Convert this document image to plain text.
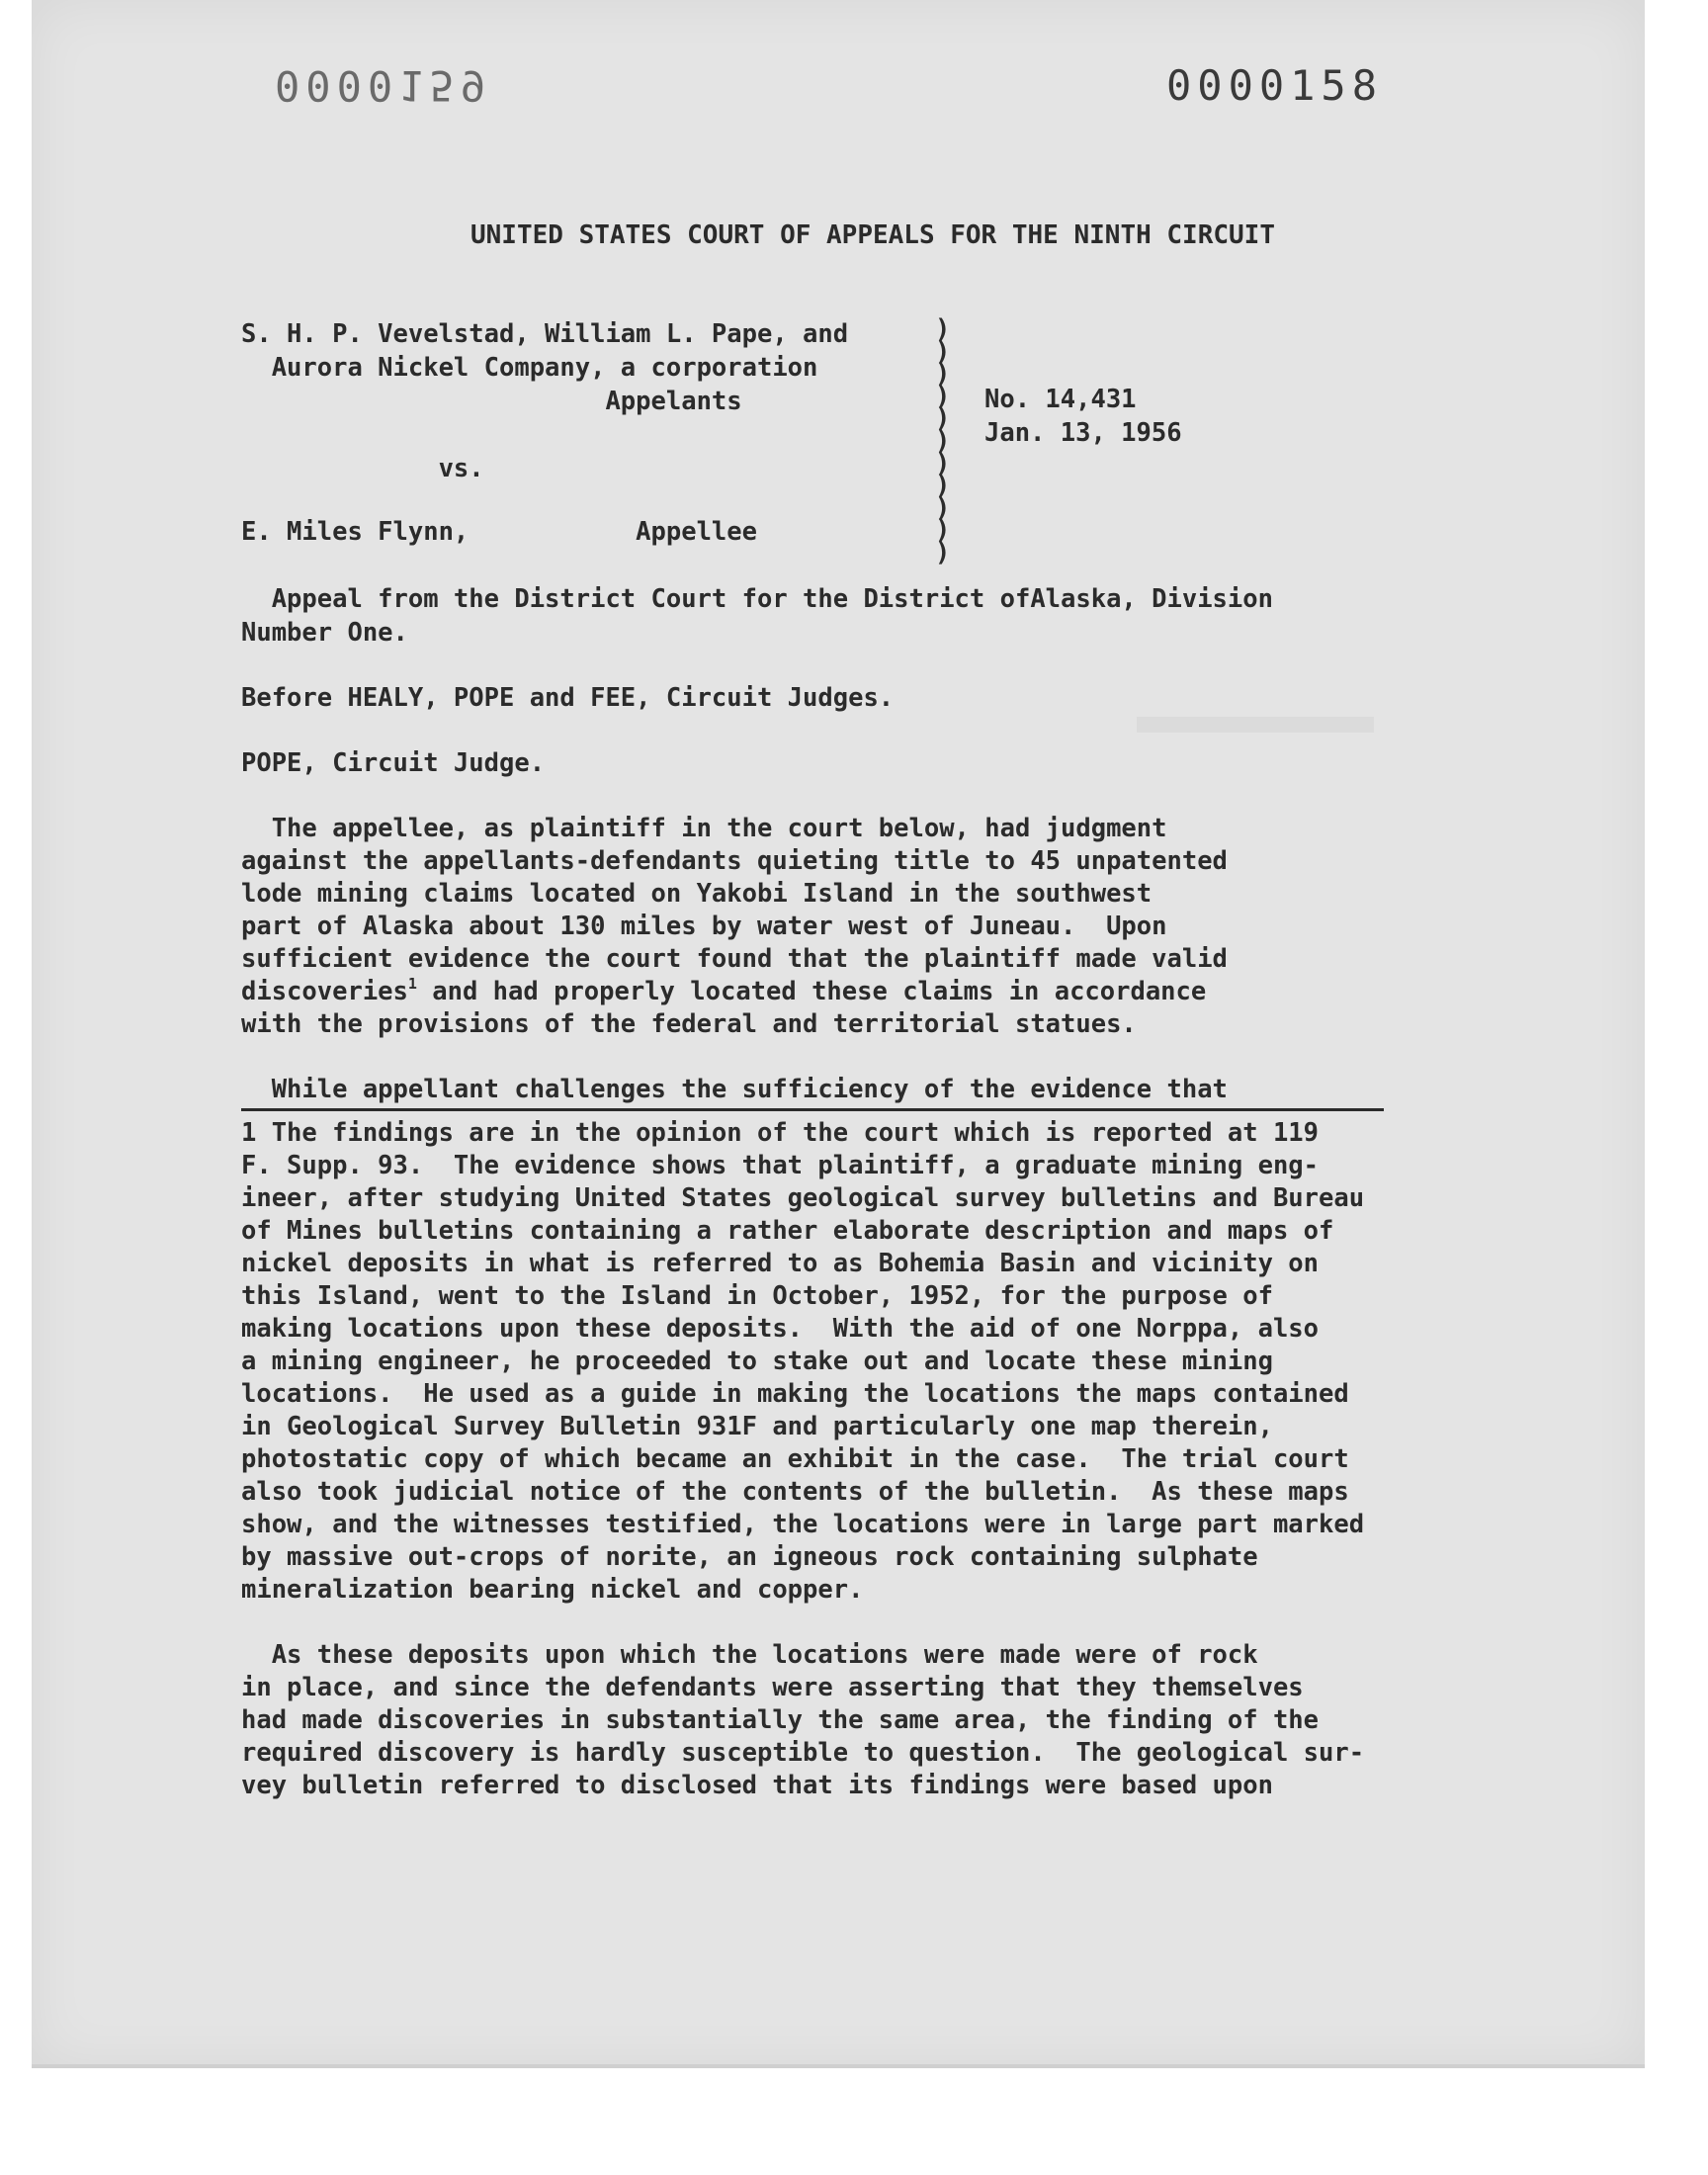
0000159	0000158
UNITED STATES COURT OF APPEALS FOR THE NINTH CIRCUIT
S. H. P. Vevelstad, William L. Pape, and
Aurora Nickel Company, a corporation
Appelants
vs.
E. Miles Flynn,           Appellee
)
)
)
)
)
)
)
)
)
)
)
No. 14,431
Jan. 13, 1956
Appeal from the District Court for the District ofAlaska, Division
Number One.
Before HEALY, POPE and FEE, Circuit Judges.
POPE, Circuit Judge.
The appellee, as plaintiff in the court below, had judgment
against the appellants-defendants quieting title to 45 unpatented
lode mining claims located on Yakobi Island in the southwest
part of Alaska about 130 miles by water west of Juneau.  Upon
sufficient evidence the court found that the plaintiff made valid
discoveries$^1$ and had properly located these claims in accordance
with the provisions of the federal and territorial statues.
While appellant challenges the sufficiency of the evidence that
1 The findings are in the opinion of the court which is reported at 119
F. Supp. 93.  The evidence shows that plaintiff, a graduate mining eng-
ineer, after studying United States geological survey bulletins and Bureau
of Mines bulletins containing a rather elaborate description and maps of
nickel deposits in what is referred to as Bohemia Basin and vicinity on
this Island, went to the Island in October, 1952, for the purpose of
making locations upon these deposits.  With the aid of one Norppa, also
a mining engineer, he proceeded to stake out and locate these mining
locations.  He used as a guide in making the locations the maps contained
in Geological Survey Bulletin 931F and particularly one map therein,
photostatic copy of which became an exhibit in the case.  The trial court
also took judicial notice of the contents of the bulletin.  As these maps
show, and the witnesses testified, the locations were in large part marked
by massive out-crops of norite, an igneous rock containing sulphate
mineralization bearing nickel and copper.
As these deposits upon which the locations were made were of rock
in place, and since the defendants were asserting that they themselves
had made discoveries in substantially the same area, the finding of the
required discovery is hardly susceptible to question.  The geological sur-
vey bulletin referred to disclosed that its findings were based upon
